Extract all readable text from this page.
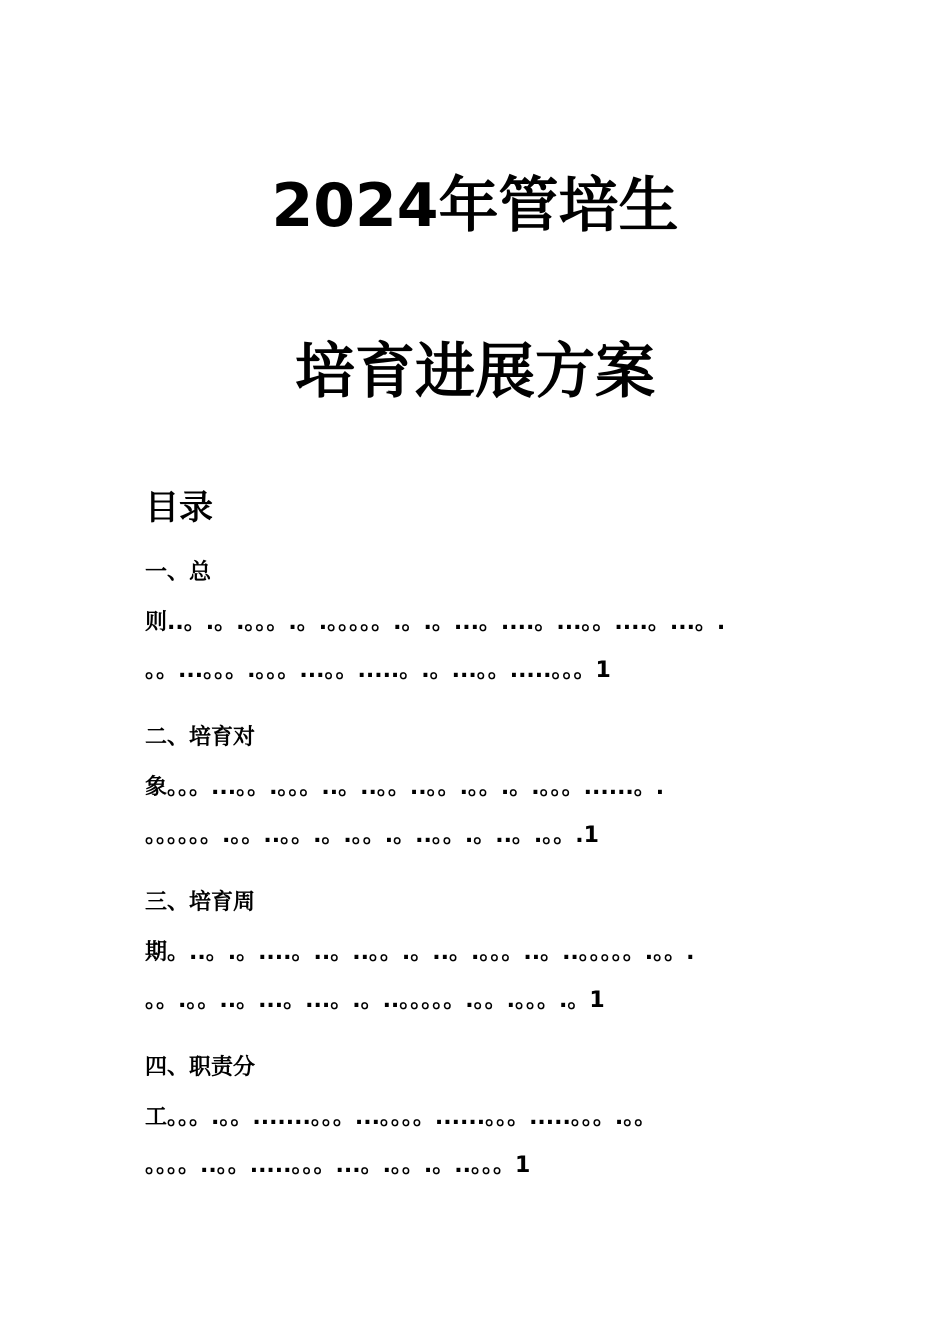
2024年管培生
培育进展方案
目录
一、总
则..。.。.。。。.。.。。。。。.。.。...。....。...。。....。...。.
。。...。。。.。。。...。。.....。.。...。。.....。。。1
二、培育对
象。。。...。。.。。。..。..。。..。。.。。.。.。。。......。.
。。。。。。.。。..。。.。.。。.。..。。.。..。.。。.1
三、培育周
期。..。.。....。..。..。。.。..。.。。。..。..。。。。。.。。.
。。.。。..。...。...。.。..。。。。。.。。.。。。.。1
四、职责分
工。。。.。。.......。。。...。。。。......。。。.....。。。.。。
。。。。..。。.....。。。...。.。。.。..。。。1
